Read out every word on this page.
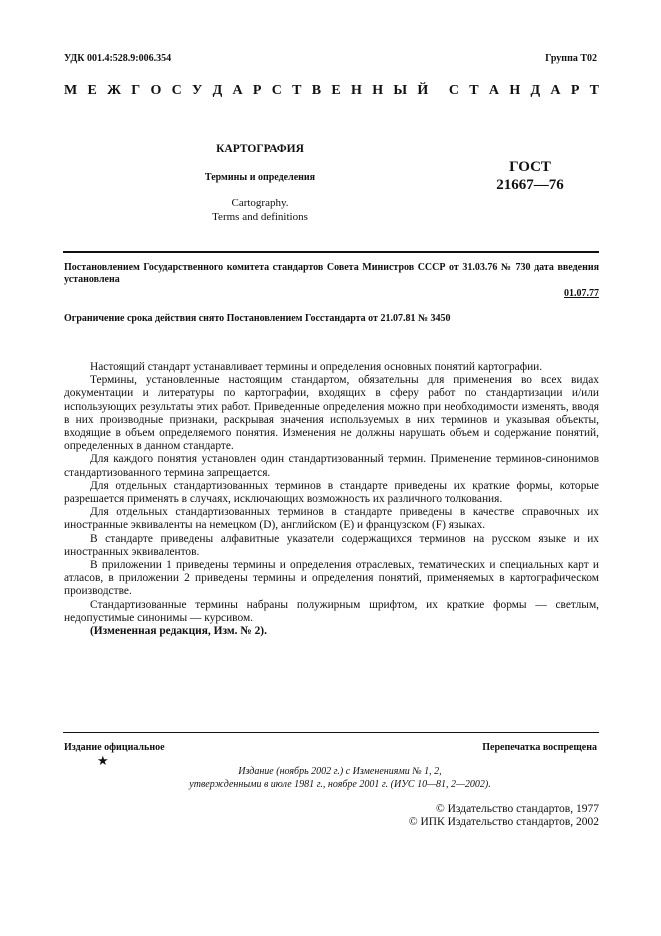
УДК 001.4:528.9:006.354	Группа Т02
М Е Ж Г О С У Д А Р С Т В Е Н Н Ы Й С Т А Н Д А Р Т
КАРТОГРАФИЯ
Термины и определения
Cartography.
Terms and definitions
ГОСТ
21667—76
Постановлением Государственного комитета стандартов Совета Министров СССР от 31.03.76 № 730 дата введения установлена
01.07.77
Ограничение срока действия снято Постановлением Госстандарта от 21.07.81 № 3450

Настоящий стандарт устанавливает термины и определения основных понятий картографии.

Термины, установленные настоящим стандартом, обязательны для применения во всех видах документации и литературы по картографии, входящих в сферу работ по стандартизации и/или использующих результаты этих работ. Приведенные определения можно при необходимости изменять, вводя в них производные признаки, раскрывая значения используемых в них терминов и указывая объекты, входящие в объем определяемого понятия. Изменения не должны нарушать объем и содержание понятий, определенных в данном стандарте.

Для каждого понятия установлен один стандартизованный термин. Применение терминов-синонимов стандартизованного термина запрещается.

Для отдельных стандартизованных терминов в стандарте приведены их краткие формы, которые разрешается применять в случаях, исключающих возможность их различного толкования.

Для отдельных стандартизованных терминов в стандарте приведены в качестве справочных их иностранные эквиваленты на немецком (D), английском (E) и французском (F) языках.

В стандарте приведены алфавитные указатели содержащихся терминов на русском языке и их иностранных эквивалентов.

В приложении 1 приведены термины и определения отраслевых, тематических и специальных карт и атласов, в приложении 2 приведены термины и определения понятий, применяемых в картографическом производстве.

Стандартизованные термины набраны полужирным шрифтом, их краткие формы — светлым, недопустимые синонимы — курсивом.

(Измененная редакция, Изм. № 2).

Издание официальное	Перепечатка воспрещена
★
Издание (ноябрь 2002 г.) с Изменениями № 1, 2,
утвержденными в июле 1981 г., ноябре 2001 г. (ИУС 10—81, 2—2002).
© Издательство стандартов, 1977
© ИПК Издательство стандартов, 2002
